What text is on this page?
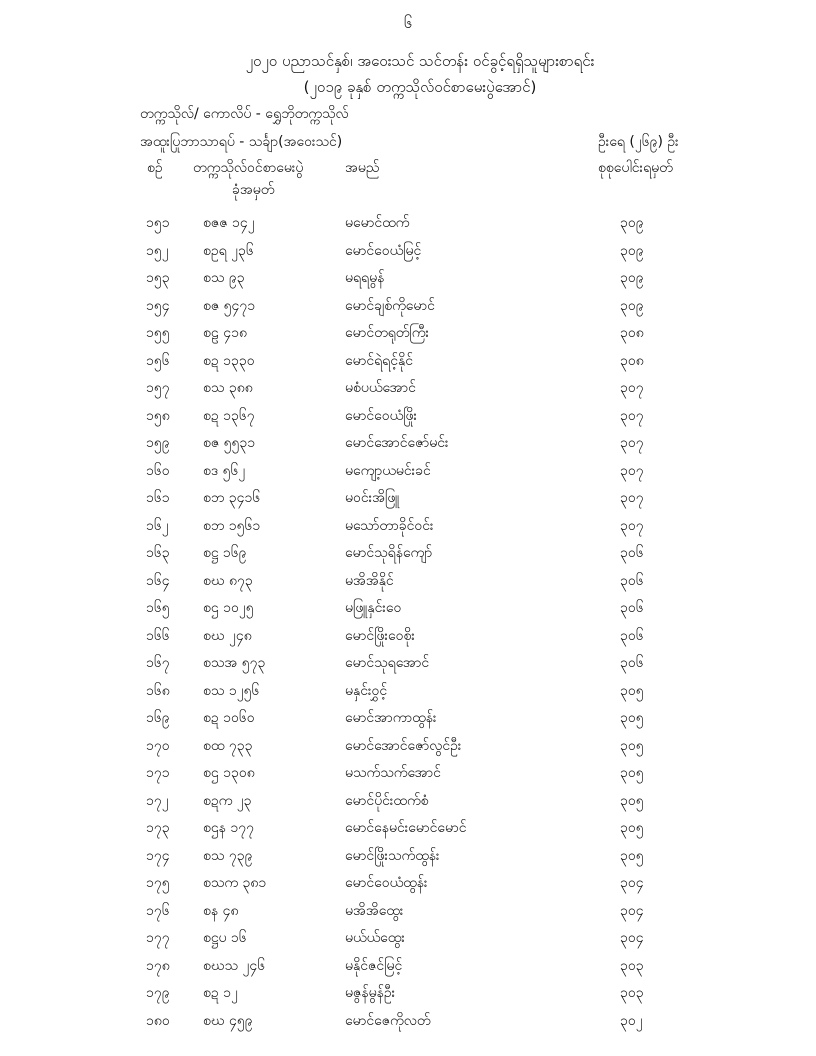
၆
၂၀၂၀ ပညာသင်နှစ်၊ အဝေးသင် သင်တန်း ဝင်ခွင့်ရရှိသူများစာရင်း
(၂၀၁၉ ခုနှစ် တက္ကသိုလ်ဝင်စာမေးပွဲအောင်)
တက္ကသိုလ်/ ကောလိပ် - ရွှေဘိုတက္ကသိုလ်
အထူးပြုဘာသာရပ် - သင်္ချာ(အဝေးသင်)	ဦးရေ (၂၆၉) ဦး
စဉ် တက္ကသိုလ်ဝင်စာမေးပွဲ
ခုံအမှတ်
အမည်	စုစုပေါင်းရမှတ်
၁၅၁ စဇဇ ၁၄၂	မမောင်ထက်	၃၀၉
၁၅၂ စဥရ ၂၃၆	မောင်ဝေယံမြင့်	၃၀၉
၁၅၃ စသ ၉၃	မရရမွန်	၃၀၉
၁၅၄ စဇ ၅၄၇၁	မောင်ချစ်ကိုမောင်	၃၀၉
၁၅၅ စဠ ၄၁၈	မောင်တရုတ်ကြီး	၃၀၈
၁၅၆ စဍ ၁၃၃၀	မောင်ရဲရင့်နိုင်	၃၀၈
၁၅၇ စသ ၃၈၈	မစံပယ်အောင်	၃၀၇
၁၅၈ စဍ ၁၃၆၇	မောင်ဝေယံဖြိုး	၃၀၇
၁၅၉ စဇ ၅၅၃၁	မောင်အောင်ဇော်မင်း	၃၀၇
၁၆၀ စဒ ၅၆၂	မကျော့ယမင်းခင်	၃၀၇
၁၆၁ စဘ ၃၄၁၆	မဝင်းအိဖြူ	၃၀၇
၁၆၂ စဘ ၁၅၆၁	မသော်တာခိုင်ဝင်း	၃၀၇
၁၆၃ စဋ္ဌ ၁၆၉	မောင်သုရိန်ကျော်	၃၀၆
၁၆၄ စဃ ၈၇၃	မအိအိနိုင်	၃၀၆
၁၆၅ စဌ ၁၀၂၅	မဖြူနှင်းဝေ	၃၀၆
၁၆၆ စဃ ၂၄၈	မောင်ဖြိုးဝေစိုး	၃၀၆
၁၆၇ စသအ ၅၇၃	မောင်သုရအောင်	၃၀၆
၁၆၈ စသ ၁၂၅၆	မနှင်းဝွှင့်	၃၀၅
၁၆၉ စဍ ၁၀၆၀	မောင်အာကာထွန်း	၃၀၅
၁၇၀ စထ ၇၃၃	မောင်အောင်ဇော်လွင်ဦး	၃၀၅
၁၇၁ စဌ ၁၃၀၈	မသက်သက်အောင်	၃၀၅
၁၇၂ စဍက ၂၃	မောင်ပိုင်းထက်စံ	၃၀၅
၁၇၃ စဌန ၁၇၇	မောင်နေမင်းမောင်မောင်	၃၀၅
၁၇၄ စသ ၇၃၉	မောင်ဖြိုးသက်ထွန်း	၃၀၅
၁၇၅ စသက ၃၈၁	မောင်ဝေယံထွန်း	၃၀၄
၁၇၆ စန ၄၈	မအိအိထွေး	၃၀၄
၁၇၇ စဋ္ဌပ ၁၆	မယ်ယ်ထွေး	၃၀၄
၁၇၈ စဃသ ၂၄၆	မနိုင်ဇင်မြင့်	၃၀၃
၁၇၉ စဍ ၁၂	မဇွန်မွန်ဦး	၃၀၃
၁၈၀ စဃ ၄၅၉	မောင်ဇေကိုလတ်	၃၀၂
